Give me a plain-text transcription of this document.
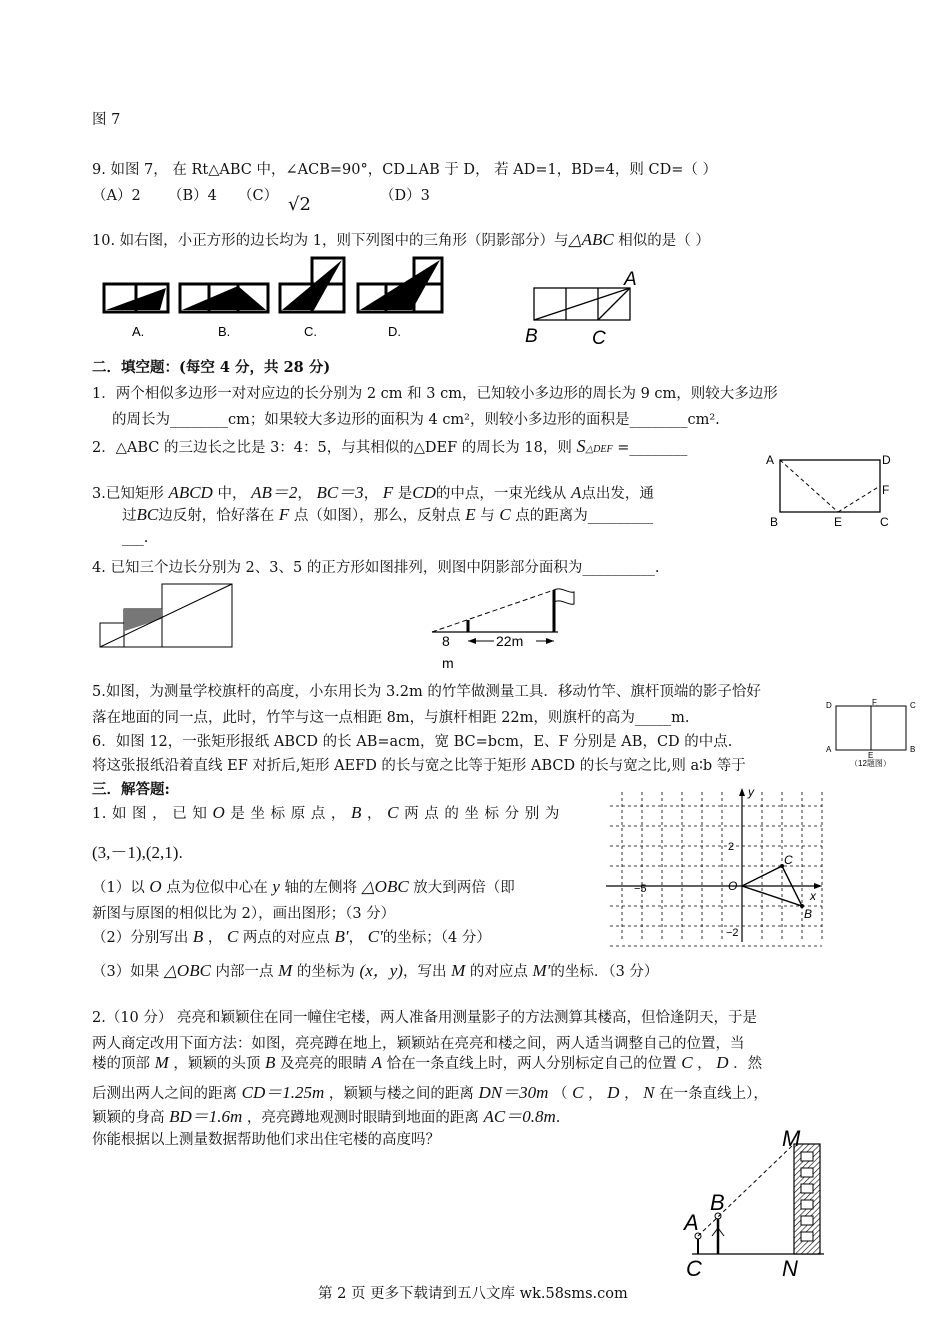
图 7
9. 如图 7， 在 Rt△ABC 中，∠ACB=90°，CD⊥AB 于 D， 若 AD=1，BD=4，则 CD=（ ）
（A）2 （B）4 （C） √2	（D）3
10. 如右图，小正方形的边长均为 1，则下列图中的三角形（阴影部分）与△ABC 相似的是（ ）
A.	B.	C.	D.
A
B	C
二．填空题：(每空 4 分，共 28 分)
1．两个相似多边形一对对应边的长分别为 2 cm 和 3 cm，已知较小多边形的周长为 9 cm，则较大多边形
的周长为________cm；如果较大多边形的面积为 4 cm²，则较小多边形的面积是________cm².
2．△ABC 的三边长之比是 3：4：5，与其相似的△DEF 的周长为 18，则 S△DEF =________
3.已知矩形 ABCD 中， AB＝2， BC＝3， F 是CD的中点，一束光线从 A点出发，通
过BC边反射，恰好落在 F 点（如图），那么，反射点 E 与 C 点的距离为_________
___.
A	D
F
B	E	C
4. 已知三个边长分别为 2、3、5 的正方形如图排列，则图中阴影部分面积为__________.
8
m
22m
5.如图，为测量学校旗杆的高度，小东用长为 3.2m 的竹竿做测量工具．移动竹竿、旗杆顶端的影子恰好
落在地面的同一点，此时，竹竿与这一点相距 8m，与旗杆相距 22m，则旗杆的高为_____m.
6．如图 12，一张矩形报纸 ABCD 的长 AB=acm，宽 BC=bcm，E、F 分别是 AB，CD 的中点.
将这张报纸沿着直线 EF 对折后,矩形 AEFD 的长与宽之比等于矩形 ABCD 的长与宽之比,则 a∶b 等于
D	F	C
A
E
B
（12题图）
三．解答题:
1. 如 图 ， 已 知 O 是 坐 标 原 点 ， B ， C 两 点 的 坐 标 分 别 为
(3,－1),(2,1).
（1）以 O 点为位似中心在 y 轴的左侧将 △OBC 放大到两倍（即
新图与原图的相似比为 2），画出图形；（3 分）
（2）分别写出 B ， C 两点的对应点 B′， C′的坐标；（4 分）
（3）如果 △OBC 内部一点 M 的坐标为 (x，y)，写出 M 的对应点 M′的坐标．（3 分）
y
x
2
−5	O
−2
C
B
2.（10 分） 亮亮和颖颖住在同一幢住宅楼，两人准备用测量影子的方法测算其楼高，但恰逢阴天，于是
两人商定改用下面方法：如图，亮亮蹲在地上，颖颖站在亮亮和楼之间，两人适当调整自己的位置，当
楼的顶部 M ，颖颖的头顶 B 及亮亮的眼睛 A 恰在一条直线上时，两人分别标定自己的位置 C ， D ．然
后测出两人之间的距离 CD＝1.25m ，颖颖与楼之间的距离 DN＝30m （ C ， D ， N 在一条直线上），
颖颖的身高 BD＝1.6m ，亮亮蹲地观测时眼睛到地面的距离 AC＝0.8m.
你能根据以上测量数据帮助他们求出住宅楼的高度吗？	M
B
A
C	N
第 2 页 更多下载请到五八文库 wk.58sms.com
